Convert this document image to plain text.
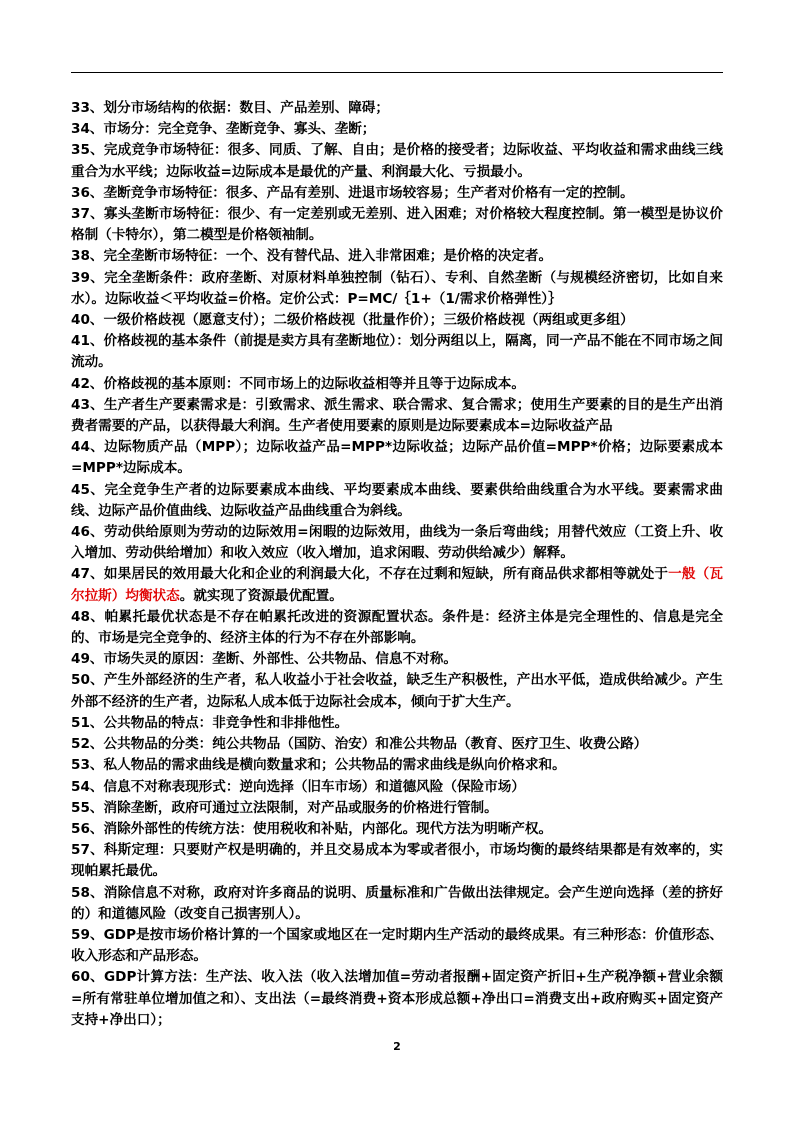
33、划分市场结构的依据：数目、产品差别、障碍；

34、市场分：完全竞争、垄断竞争、寡头、垄断；

35、完成竞争市场特征：很多、同质、了解、自由；是价格的接受者；边际收益、平均收益和需求曲线三线重合为水平线；边际收益=边际成本是最优的产量、利润最大化、亏损最小。

36、垄断竞争市场特征：很多、产品有差别、进退市场较容易；生产者对价格有一定的控制。

37、寡头垄断市场特征：很少、有一定差别或无差别、进入困难；对价格较大程度控制。第一模型是协议价格制（卡特尔），第二模型是价格领袖制。

38、完全垄断市场特征：一个、没有替代品、进入非常困难；是价格的决定者。

39、完全垄断条件：政府垄断、对原材料单独控制（钻石）、专利、自然垄断（与规模经济密切，比如自来水）。边际收益＜平均收益=价格。定价公式：P=MC/｛1+（1/需求价格弹性）｝

40、一级价格歧视（愿意支付）；二级价格歧视（批量作价）；三级价格歧视（两组或更多组）

41、价格歧视的基本条件（前提是卖方具有垄断地位）：划分两组以上，隔离，同一产品不能在不同市场之间流动。

42、价格歧视的基本原则：不同市场上的边际收益相等并且等于边际成本。

43、生产者生产要素需求是：引致需求、派生需求、联合需求、复合需求；使用生产要素的目的是生产出消费者需要的产品，以获得最大利润。生产者使用要素的原则是边际要素成本=边际收益产品

44、边际物质产品（MPP）；边际收益产品=MPP*边际收益；边际产品价值=MPP*价格；边际要素成本=MPP*边际成本。

45、完全竞争生产者的边际要素成本曲线、平均要素成本曲线、要素供给曲线重合为水平线。要素需求曲线、边际产品价值曲线、边际收益产品曲线重合为斜线。

46、劳动供给原则为劳动的边际效用=闲暇的边际效用，曲线为一条后弯曲线；用替代效应（工资上升、收入增加、劳动供给增加）和收入效应（收入增加，追求闲暇、劳动供给减少）解释。

47、如果居民的效用最大化和企业的利润最大化，不存在过剩和短缺，所有商品供求都相等就处于一般（瓦尔拉斯）均衡状态。就实现了资源最优配置。

48、帕累托最优状态是不存在帕累托改进的资源配置状态。条件是：经济主体是完全理性的、信息是完全的、市场是完全竞争的、经济主体的行为不存在外部影响。

49、市场失灵的原因：垄断、外部性、公共物品、信息不对称。

50、产生外部经济的生产者，私人收益小于社会收益，缺乏生产积极性，产出水平低，造成供给减少。产生外部不经济的生产者，边际私人成本低于边际社会成本，倾向于扩大生产。

51、公共物品的特点：非竞争性和非排他性。

52、公共物品的分类：纯公共物品（国防、治安）和准公共物品（教育、医疗卫生、收费公路）

53、私人物品的需求曲线是横向数量求和；公共物品的需求曲线是纵向价格求和。

54、信息不对称表现形式：逆向选择（旧车市场）和道德风险（保险市场）

55、消除垄断，政府可通过立法限制，对产品或服务的价格进行管制。

56、消除外部性的传统方法：使用税收和补贴，内部化。现代方法为明晰产权。

57、科斯定理：只要财产权是明确的，并且交易成本为零或者很小，市场均衡的最终结果都是有效率的，实现帕累托最优。

58、消除信息不对称，政府对许多商品的说明、质量标准和广告做出法律规定。会产生逆向选择（差的挤好的）和道德风险（改变自己损害别人）。

59、GDP是按市场价格计算的一个国家或地区在一定时期内生产活动的最终成果。有三种形态：价值形态、收入形态和产品形态。

60、GDP计算方法：生产法、收入法（收入法增加值=劳动者报酬+固定资产折旧+生产税净额+营业余额=所有常驻单位增加值之和）、支出法（=最终消费+资本形成总额+净出口=消费支出+政府购买+固定资产支持+净出口）；

2
